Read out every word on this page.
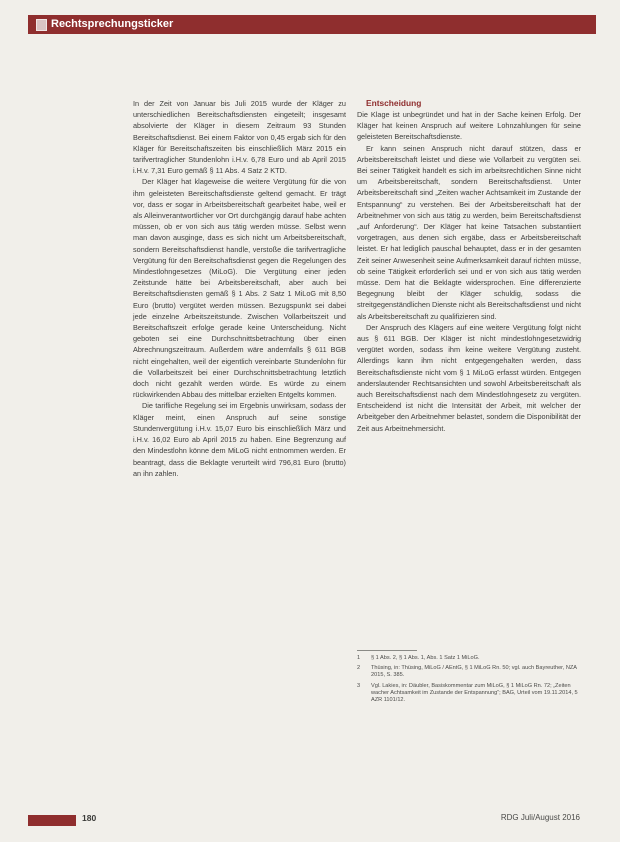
Rechtsprechungsticker

In der Zeit von Januar bis Juli 2015 wurde der Kläger zu unterschiedlichen Bereitschaftsdiensten eingeteilt; insgesamt absolvierte der Kläger in diesem Zeitraum 93 Stunden Bereitschaftsdienst. Bei einem Faktor von 0,45 ergab sich für den Kläger für Bereitschaftszeiten bis einschließlich März 2015 ein tarifvertraglicher Stundenlohn i.H.v. 6,78 Euro und ab April 2015 i.H.v. 7,31 Euro gemäß § 11 Abs. 4 Satz 2 KTD.

Der Kläger hat klageweise die weitere Vergütung für die von ihm geleisteten Bereitschaftsdienste geltend gemacht. Er trägt vor, dass er sogar in Arbeitsbereitschaft gearbeitet habe, weil er als Alleinverantwortlicher vor Ort durchgängig darauf habe achten müssen, ob er von sich aus tätig werden müsse. Selbst wenn man davon ausginge, dass es sich nicht um Arbeitsbereitschaft, sondern Bereitschaftsdienst handle, verstoße die tarifvertragliche Vergütung für den Bereitschaftsdienst gegen die Regelungen des Mindestlohngesetzes (MiLoG). Die Vergütung einer jeden Zeitstunde hätte bei Arbeitsbereitschaft, aber auch bei Bereitschaftsdiensten gemäß § 1 Abs. 2 Satz 1 MiLoG mit 8,50 Euro (brutto) vergütet werden müssen. Bezugspunkt sei dabei jede einzelne Arbeitszeitstunde. Zwischen Vollarbeitszeit und Bereitschaftszeit erfolge gerade keine Unterscheidung. Nicht geboten sei eine Durchschnittsbetrachtung über einen Abrechnungszeitraum. Außerdem wäre andernfalls § 611 BGB nicht eingehalten, weil der eigentlich vereinbarte Stundenlohn für die Vollarbeitszeit bei einer Durchschnittsbetrachtung letztlich doch nicht gezahlt werden würde. Es würde zu einem rückwirkenden Abbau des mittelbar erzielten Entgelts kommen.

Die tarifliche Regelung sei im Ergebnis unwirksam, sodass der Kläger meint, einen Anspruch auf seine sonstige Stundenvergütung i.H.v. 15,07 Euro bis einschließlich März und i.H.v. 16,02 Euro ab April 2015 zu haben. Eine Begrenzung auf den Mindestlohn könne dem MiLoG nicht entnommen werden. Er beantragt, dass die Beklagte verurteilt wird 796,81 Euro (brutto) an ihn zahlen.

Entscheidung

Die Klage ist unbegründet und hat in der Sache keinen Erfolg. Der Kläger hat keinen Anspruch auf weitere Lohnzahlungen für seine geleisteten Bereitschaftsdienste.

Er kann seinen Anspruch nicht darauf stützen, dass er Arbeitsbereitschaft leistet und diese wie Vollarbeit zu vergüten sei. Bei seiner Tätigkeit handelt es sich im arbeitsrechtlichen Sinne nicht um Arbeitsbereitschaft, sondern Bereitschaftsdienst. Unter Arbeitsbereitschaft sind „Zeiten wacher Achtsamkeit im Zustande der Entspannung“ zu verstehen. Bei der Arbeitsbereitschaft hat der Arbeitnehmer von sich aus tätig zu werden, beim Bereitschaftsdienst „auf Anforderung“. Der Kläger hat keine Tatsachen substantiiert vorgetragen, aus denen sich ergäbe, dass er Arbeitsbereitschaft leistet. Er hat lediglich pauschal behauptet, dass er in der gesamten Zeit seiner Anwesenheit seine Aufmerksamkeit darauf richten müsse, ob seine Tätigkeit erforderlich sei und er von sich aus tätig werden müsse. Dem hat die Beklagte widersprochen. Eine differenzierte Begegnung bleibt der Kläger schuldig, sodass die streitgegenständlichen Dienste nicht als Bereitschaftsdienst und nicht als Arbeitsbereitschaft zu qualifizieren sind.

Der Anspruch des Klägers auf eine weitere Vergütung folgt nicht aus § 611 BGB. Der Kläger ist nicht mindestlohngesetzwidrig vergütet worden, sodass ihm keine weitere Vergütung zusteht. Allerdings kann ihm nicht entgegengehalten werden, dass Bereitschaftsdienste nicht vom § 1 MiLoG erfasst würden. Entgegen anderslautender Rechtsansichten und sowohl Arbeitsbereitschaft als auch Bereitschaftsdienst nach dem Mindestlohngesetz zu vergüten. Entscheidend ist nicht die Intensität der Arbeit, mit welcher der Arbeitgeber den Arbeitnehmer belastet, sondern die Disponibilität der Zeit aus Arbeitnehmersicht.

1 § 1 Abs. 2, § 1 Abs. 1, Abs. 1 Satz 1 MiLoG.
2 Thüsing, in: Thüsing, MiLoG / AEntG, § 1 MiLoG Rn. 50; vgl. auch Bayreuther, NZA 2015, S. 385.
3 Vgl. Lakies, in: Däubler, Basiskommentar zum MiLoG, § 1 MiLoG Rn. 72; „Zeiten wacher Achtsamkeit im Zustande der Entspannung“; BAG, Urteil vom 19.11.2014, 5 AZR 1101/12.
180	RDG Juli/August 2016
